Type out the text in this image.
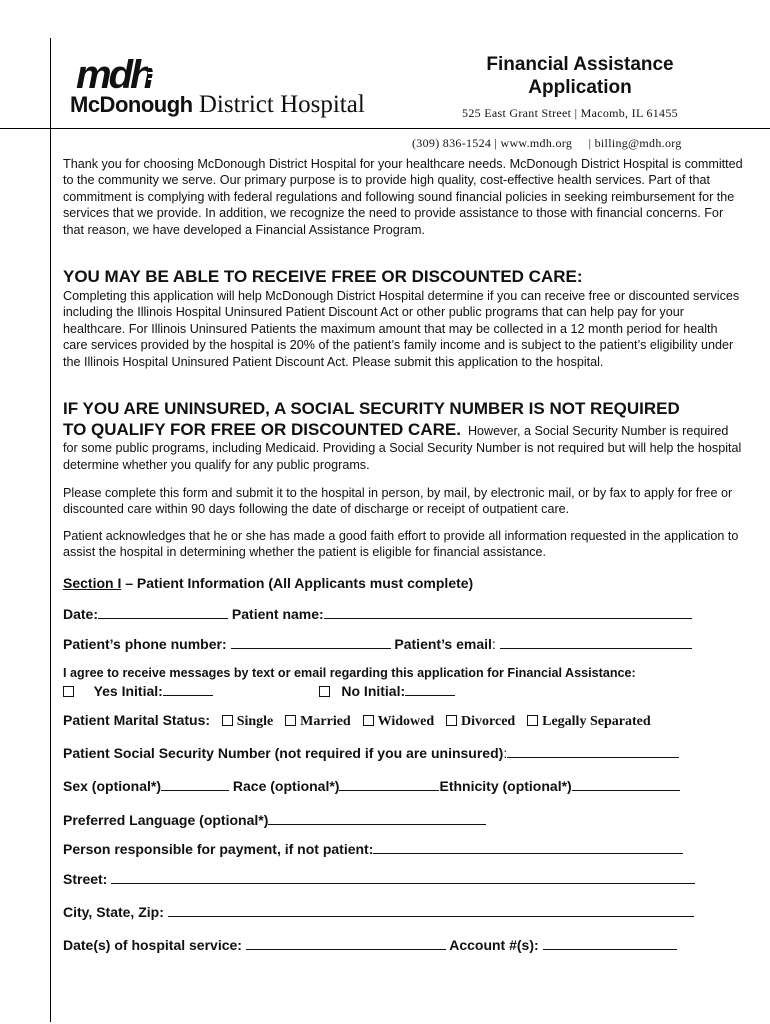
mdh
McDonough District Hospital
Financial Assistance
Application
525 East Grant Street | Macomb, IL 61455
(309) 836-1524 | www.mdh.org     | billing@mdh.org

Thank you for choosing McDonough District Hospital for your healthcare needs. McDonough District Hospital is committed to the community we serve. Our primary purpose is to provide high quality, cost-effective health services. Part of that commitment is complying with federal regulations and following sound financial policies in seeking reimbursement for the services that we provide. In addition, we recognize the need to provide assistance to those with financial concerns. For that reason, we have developed a Financial Assistance Program.

YOU MAY BE ABLE TO RECEIVE FREE OR DISCOUNTED CARE:

Completing this application will help McDonough District Hospital determine if you can receive free or discounted services including the Illinois Hospital Uninsured Patient Discount Act or other public programs that can help pay for your healthcare. For Illinois Uninsured Patients the maximum amount that may be collected in a 12 month period for health care services provided by the hospital is 20% of the patient’s family income and is subject to the patient’s eligibility under the Illinois Hospital Uninsured Patient Discount Act. Please submit this application to the hospital.

IF YOU ARE UNINSURED, A SOCIAL SECURITY NUMBER IS NOT REQUIRED

TO QUALIFY FOR FREE OR DISCOUNTED CARE. However, a Social Security Number is required for some public programs, including Medicaid. Providing a Social Security Number is not required but will help the hospital determine whether you qualify for any public programs.

Please complete this form and submit it to the hospital in person, by mail, by electronic mail, or by fax to apply for free or discounted care within 90 days following the date of discharge or receipt of outpatient care.

Patient acknowledges that he or she has made a good faith effort to provide all information requested in the application to assist the hospital in determining whether the patient is eligible for financial assistance.

Section I – Patient Information (All Applicants must complete)
Date:	Patient name:
Patient’s phone number:	Patient’s email:
I agree to receive messages by text or email regarding this application for Financial Assistance:
Yes Initial:	No Initial:
Patient Marital Status: Single Married Widowed Divorced Legally Separated
Patient Social Security Number (not required if you are uninsured):
Sex (optional*)	Race (optional*)	Ethnicity (optional*)
Preferred Language (optional*)
Person responsible for payment, if not patient:
Street:
City, State, Zip:
Date(s) of hospital service:	Account #(s):
